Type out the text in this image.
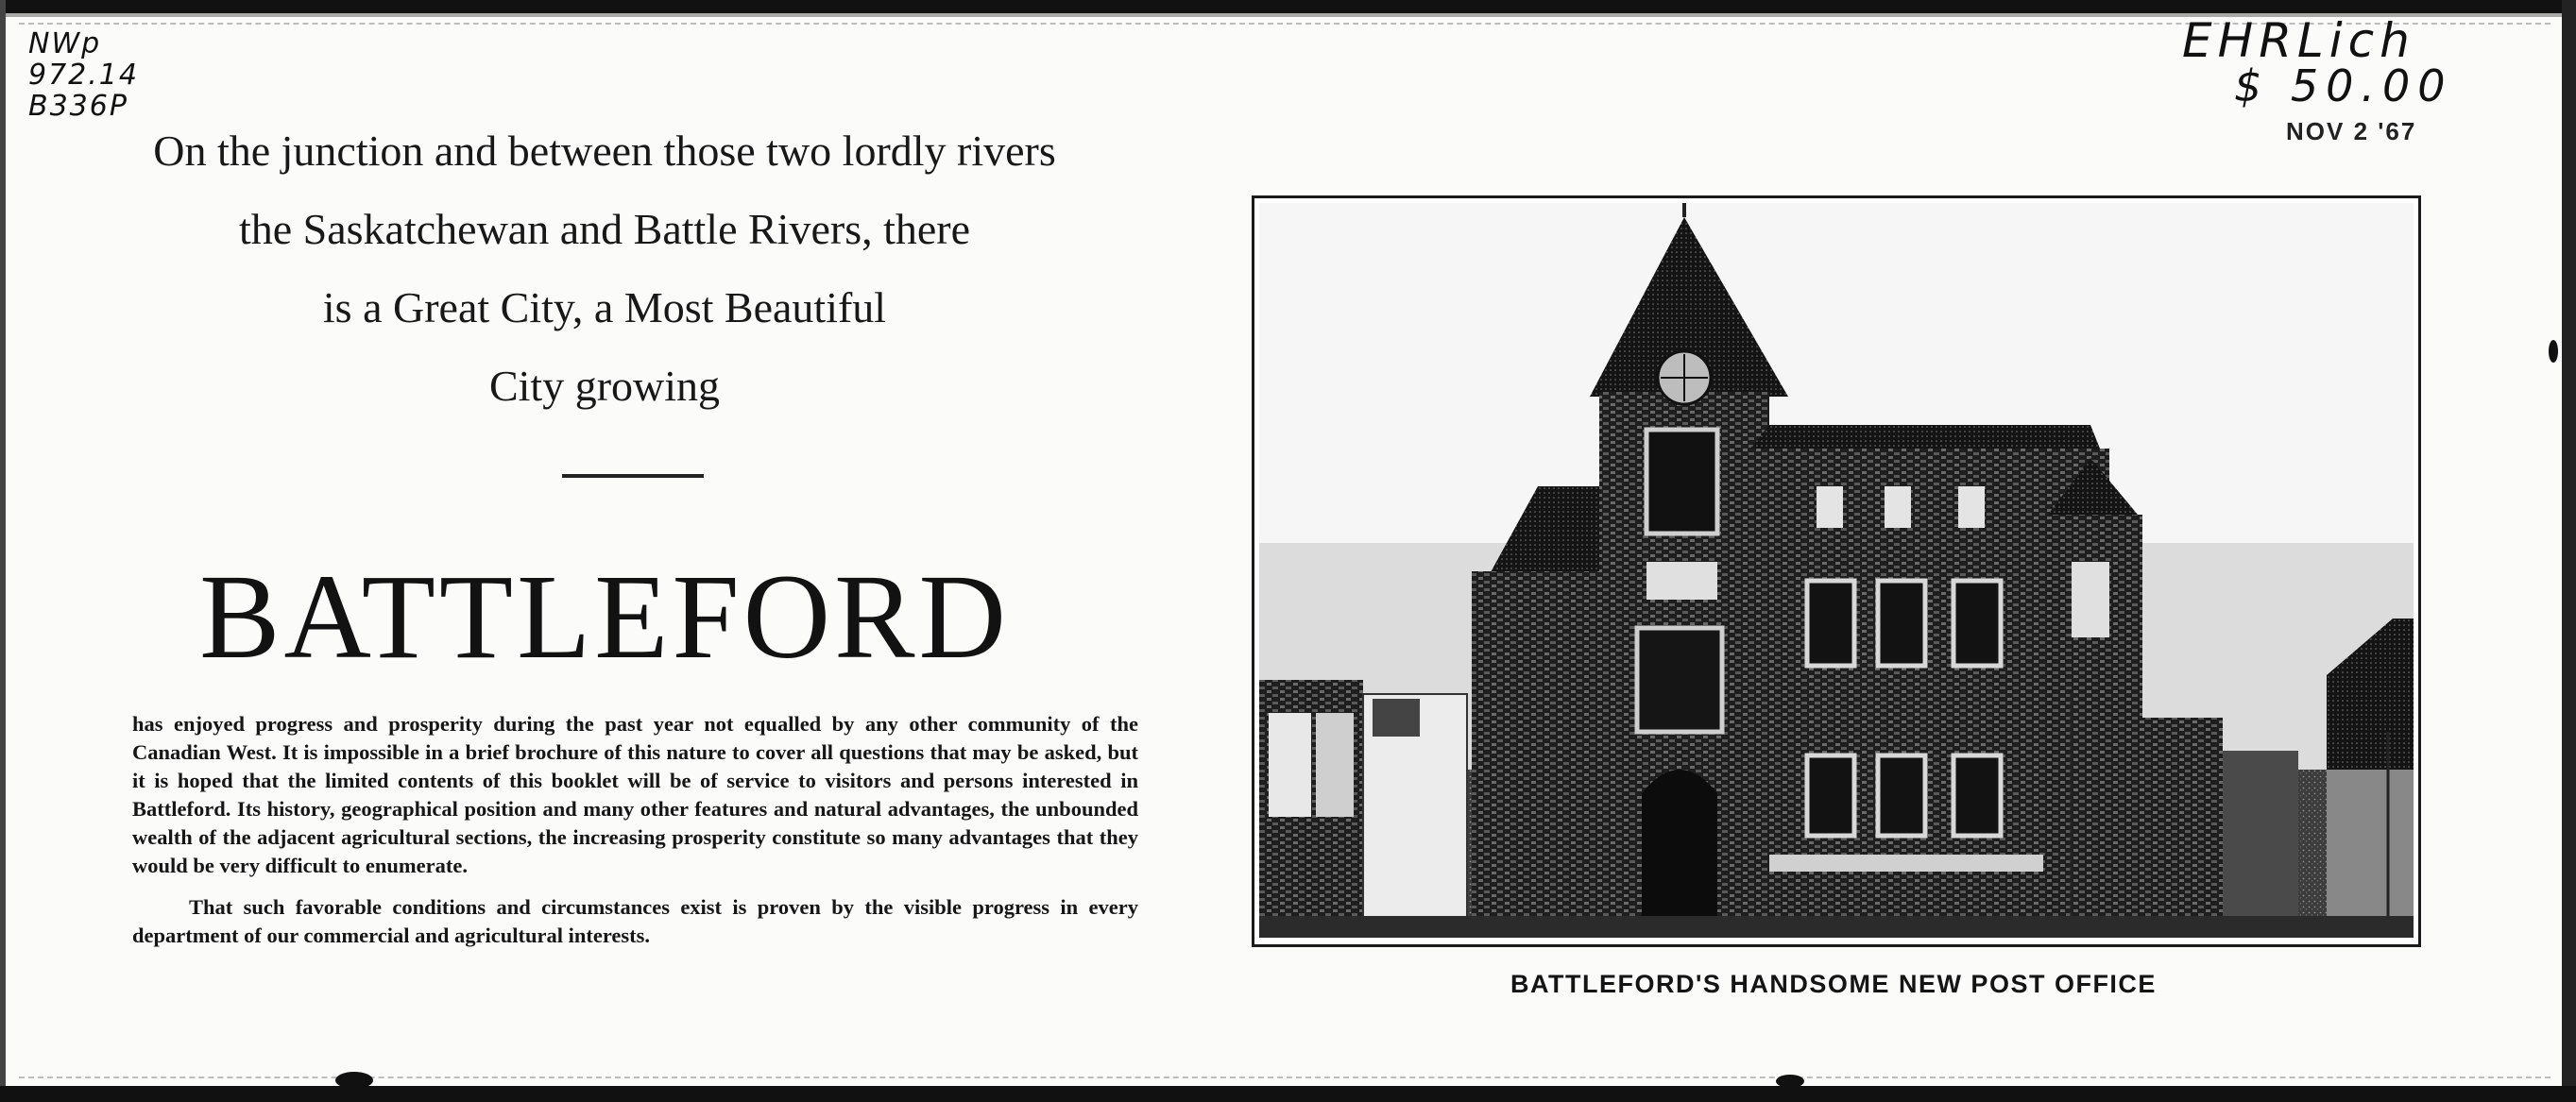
NWp
972.14
B336P
EHRLich
$ 50.00
NOV 2 '67
On the junction and between those two lordly rivers
the Saskatchewan and Battle Rivers, there
is a Great City, a Most Beautiful
City growing
BATTLEFORD

has enjoyed progress and prosperity during the past year not equalled by any other community of the Canadian West. It is impossible in a brief brochure of this nature to cover all questions that may be asked, but it is hoped that the limited contents of this booklet will be of service to visitors and persons interested in Battleford. Its history, geographical position and many other features and natural advantages, the unbounded wealth of the adjacent agricultural sections, the increasing prosperity constitute so many advantages that they would be very difficult to enumerate.

That such favorable conditions and circumstances exist is proven by the visible progress in every department of our commercial and agricultural interests.

BATTLEFORD'S HANDSOME NEW POST OFFICE
